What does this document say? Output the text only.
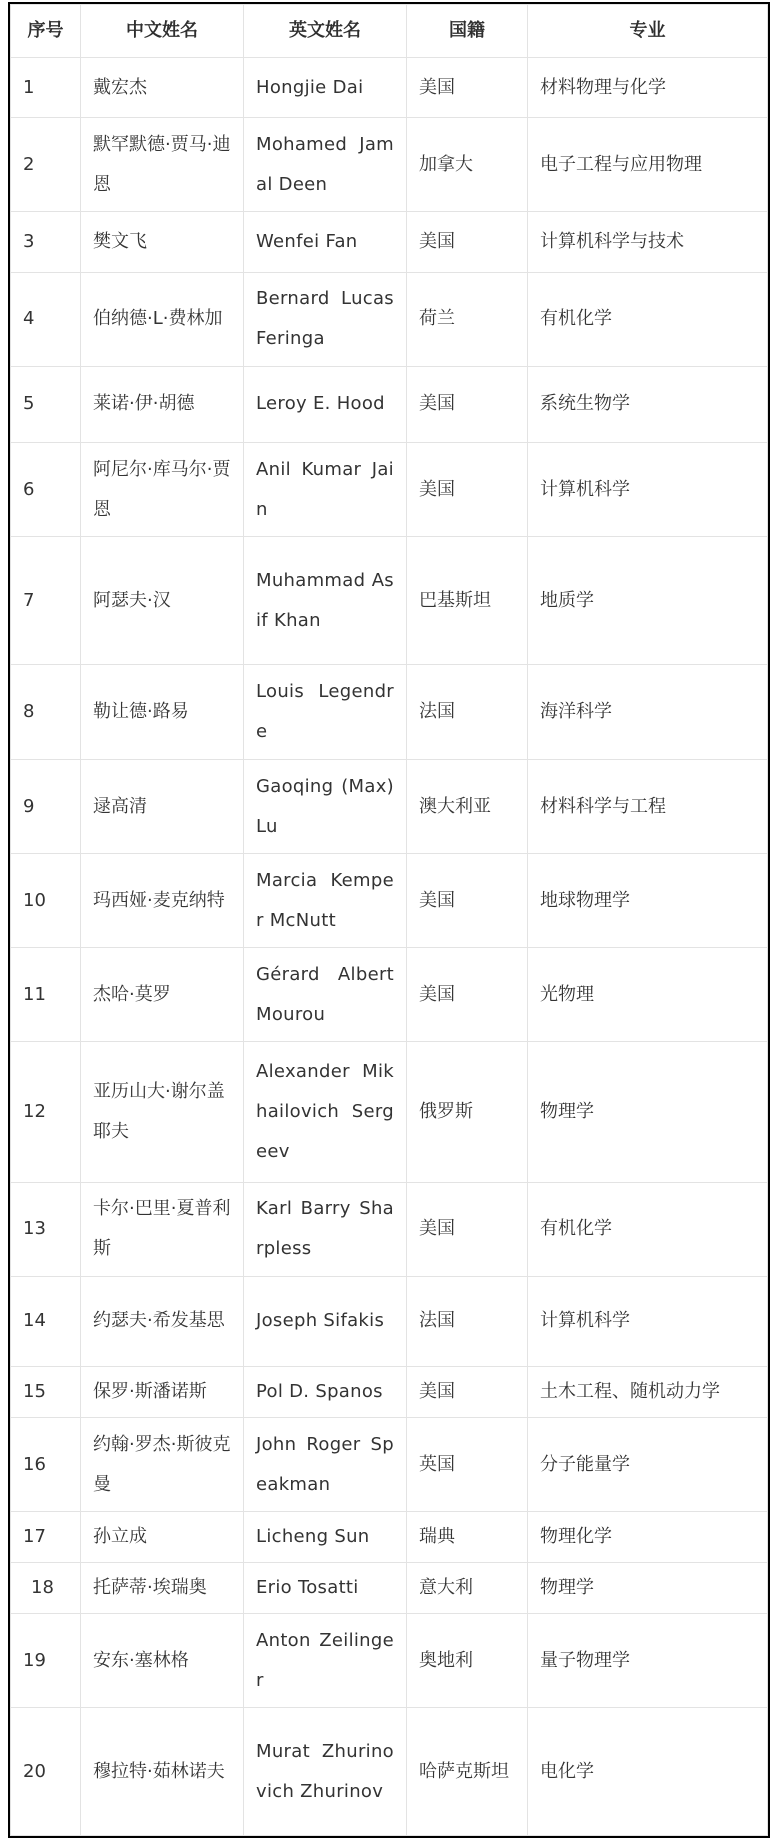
序号	中文姓名	英文姓名	国籍	专业
1	戴宏杰	Hongjie Dai	美国	材料物理与化学
2	默罕默德·贾马·迪恩	Mohamed Jamal Deen	加拿大	电子工程与应用物理
3	樊文飞	Wenfei Fan	美国	计算机科学与技术
4	伯纳德·L·费林加	Bernard Lucas Feringa	荷兰	有机化学
5	莱诺·伊·胡德	Leroy E. Hood	美国	系统生物学
6	阿尼尔·库马尔·贾恩	Anil Kumar Jain	美国	计算机科学
7	阿瑟夫·汉	Muhammad Asif Khan	巴基斯坦	地质学
8	勒让德·路易	Louis Legendre	法国	海洋科学
9	逯高清	Gaoqing (Max) Lu	澳大利亚	材料科学与工程
10	玛西娅·麦克纳特	Marcia Kemper McNutt	美国	地球物理学
11	杰哈·莫罗	Gérard Albert Mourou	美国	光物理
12	亚历山大·谢尔盖耶夫	Alexander Mikhailovich Sergeev	俄罗斯	物理学
13	卡尔·巴里·夏普利斯	Karl Barry Sharpless	美国	有机化学
14	约瑟夫·希发基思	Joseph Sifakis	法国	计算机科学
15	保罗·斯潘诺斯	Pol D. Spanos	美国	土木工程、随机动力学
16	约翰·罗杰·斯彼克曼	John Roger Speakman	英国	分子能量学
17	孙立成	Licheng Sun	瑞典	物理化学
18	托萨蒂·埃瑞奥	Erio Tosatti	意大利	物理学
19	安东·塞林格	Anton Zeilinger	奥地利	量子物理学
20	穆拉特·茹林诺夫	Murat Zhurinovich Zhurinov	哈萨克斯坦	电化学
